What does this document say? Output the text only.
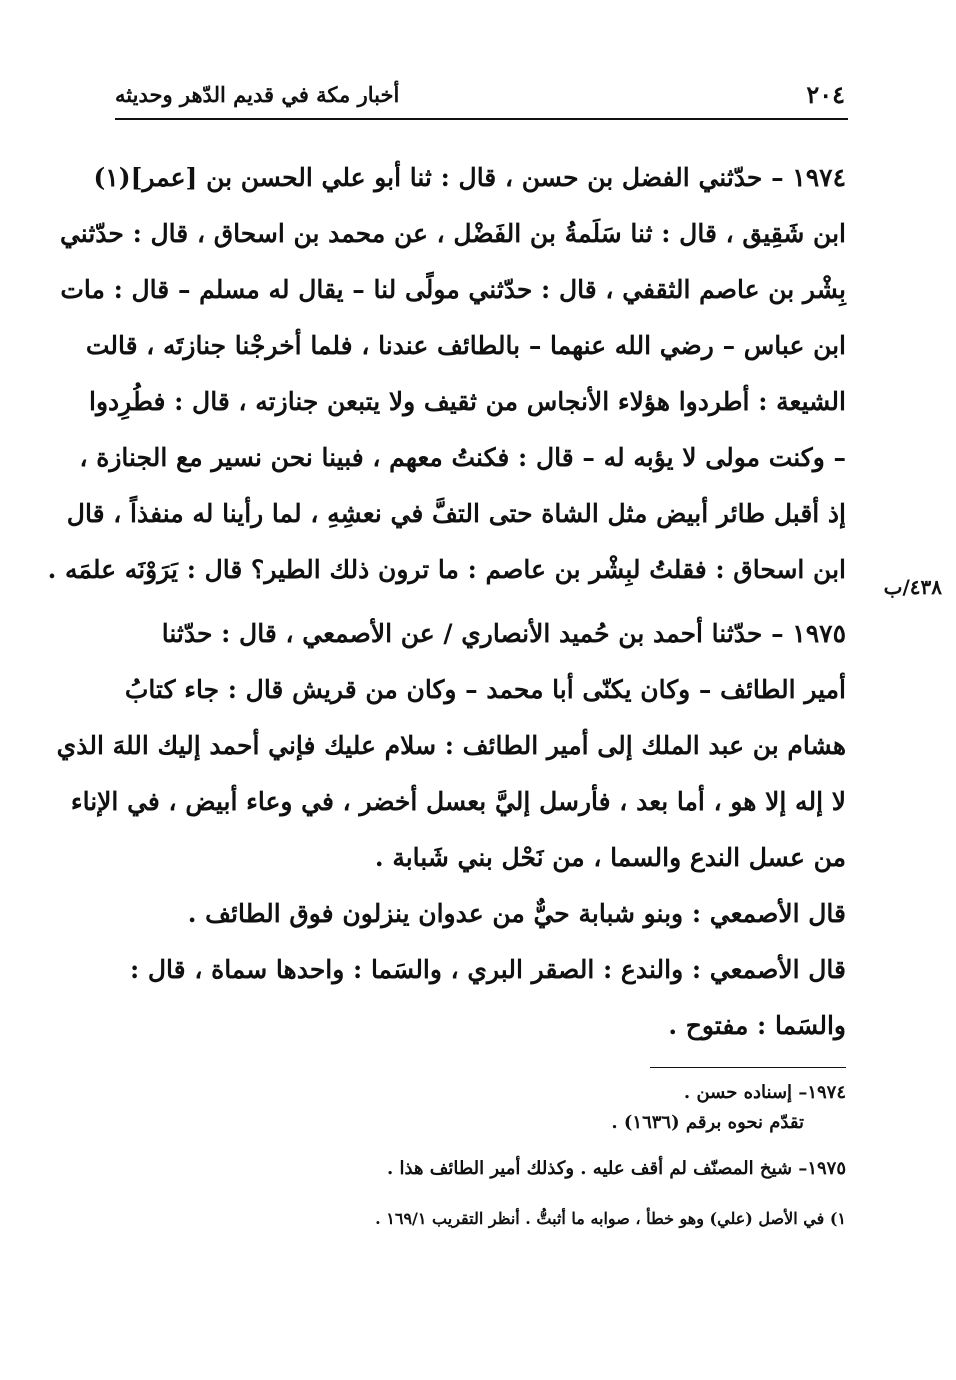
٢٠٤
أخبار مكة في قديم الدّهر وحديثه
٤٣٨/ب
١٩٧٤ – حدّثني الفضل بن حسن ، قال : ثنا أبو علي الحسن بن [عمر](١)
ابن شَقِيق ، قال : ثنا سَلَمةُ بن الفَضْل ، عن محمد بن اسحاق ، قال : حدّثني
بِشْر بن عاصم الثقفي ، قال : حدّثني مولًى لنا – يقال له مسلم – قال : مات
ابن عباس – رضي الله عنهما – بالطائف عندنا ، فلما أخرجْنا جنازتَه ، قالت
الشيعة : أطردوا هؤلاء الأنجاس من ثقيف ولا يتبعن جنازته ، قال : فطُرِدوا
– وكنت مولى لا يؤبه له – قال : فكنتُ معهم ، فبينا نحن نسير مع الجنازة ،
إذ أقبل طائر أبيض مثل الشاة حتى التفَّ في نعشِهِ ، لما رأينا له منفذاً ، قال
ابن اسحاق : فقلتُ لبِشْر بن عاصم : ما ترون ذلك الطير؟ قال : يَرَوْنَه علمَه .
١٩٧٥ – حدّثنا أحمد بن حُميد الأنصاري / عن الأصمعي ، قال : حدّثنا
أمير الطائف – وكان يكنّى أبا محمد – وكان من قريش قال : جاء كتابُ
هشام بن عبد الملك إلى أمير الطائف : سلام عليك فإني أحمد إليك اللهَ الذي
لا إله إلا هو ، أما بعد ، فأرسل إليَّ بعسل أخضر ، في وعاء أبيض ، في الإناء
من عسل الندع والسما ، من نَحْل بني شَبابة .
قال الأصمعي : وبنو شبابة حيٌّ من عدوان ينزلون فوق الطائف .
قال الأصمعي : والندع : الصقر البري ، والسَما : واحدها سماة ، قال :
والسَما : مفتوح .
١٩٧٤– إسناده حسن .
تقدّم نحوه برقم (١٦٣٦) .
١٩٧٥– شيخ المصنّف لم أقف عليه . وكذلك أمير الطائف هذا .
١) في الأصل (علي) وهو خطأ ، صوابه ما أثبتُّ . أنظر التقريب ١٦٩/١ .
